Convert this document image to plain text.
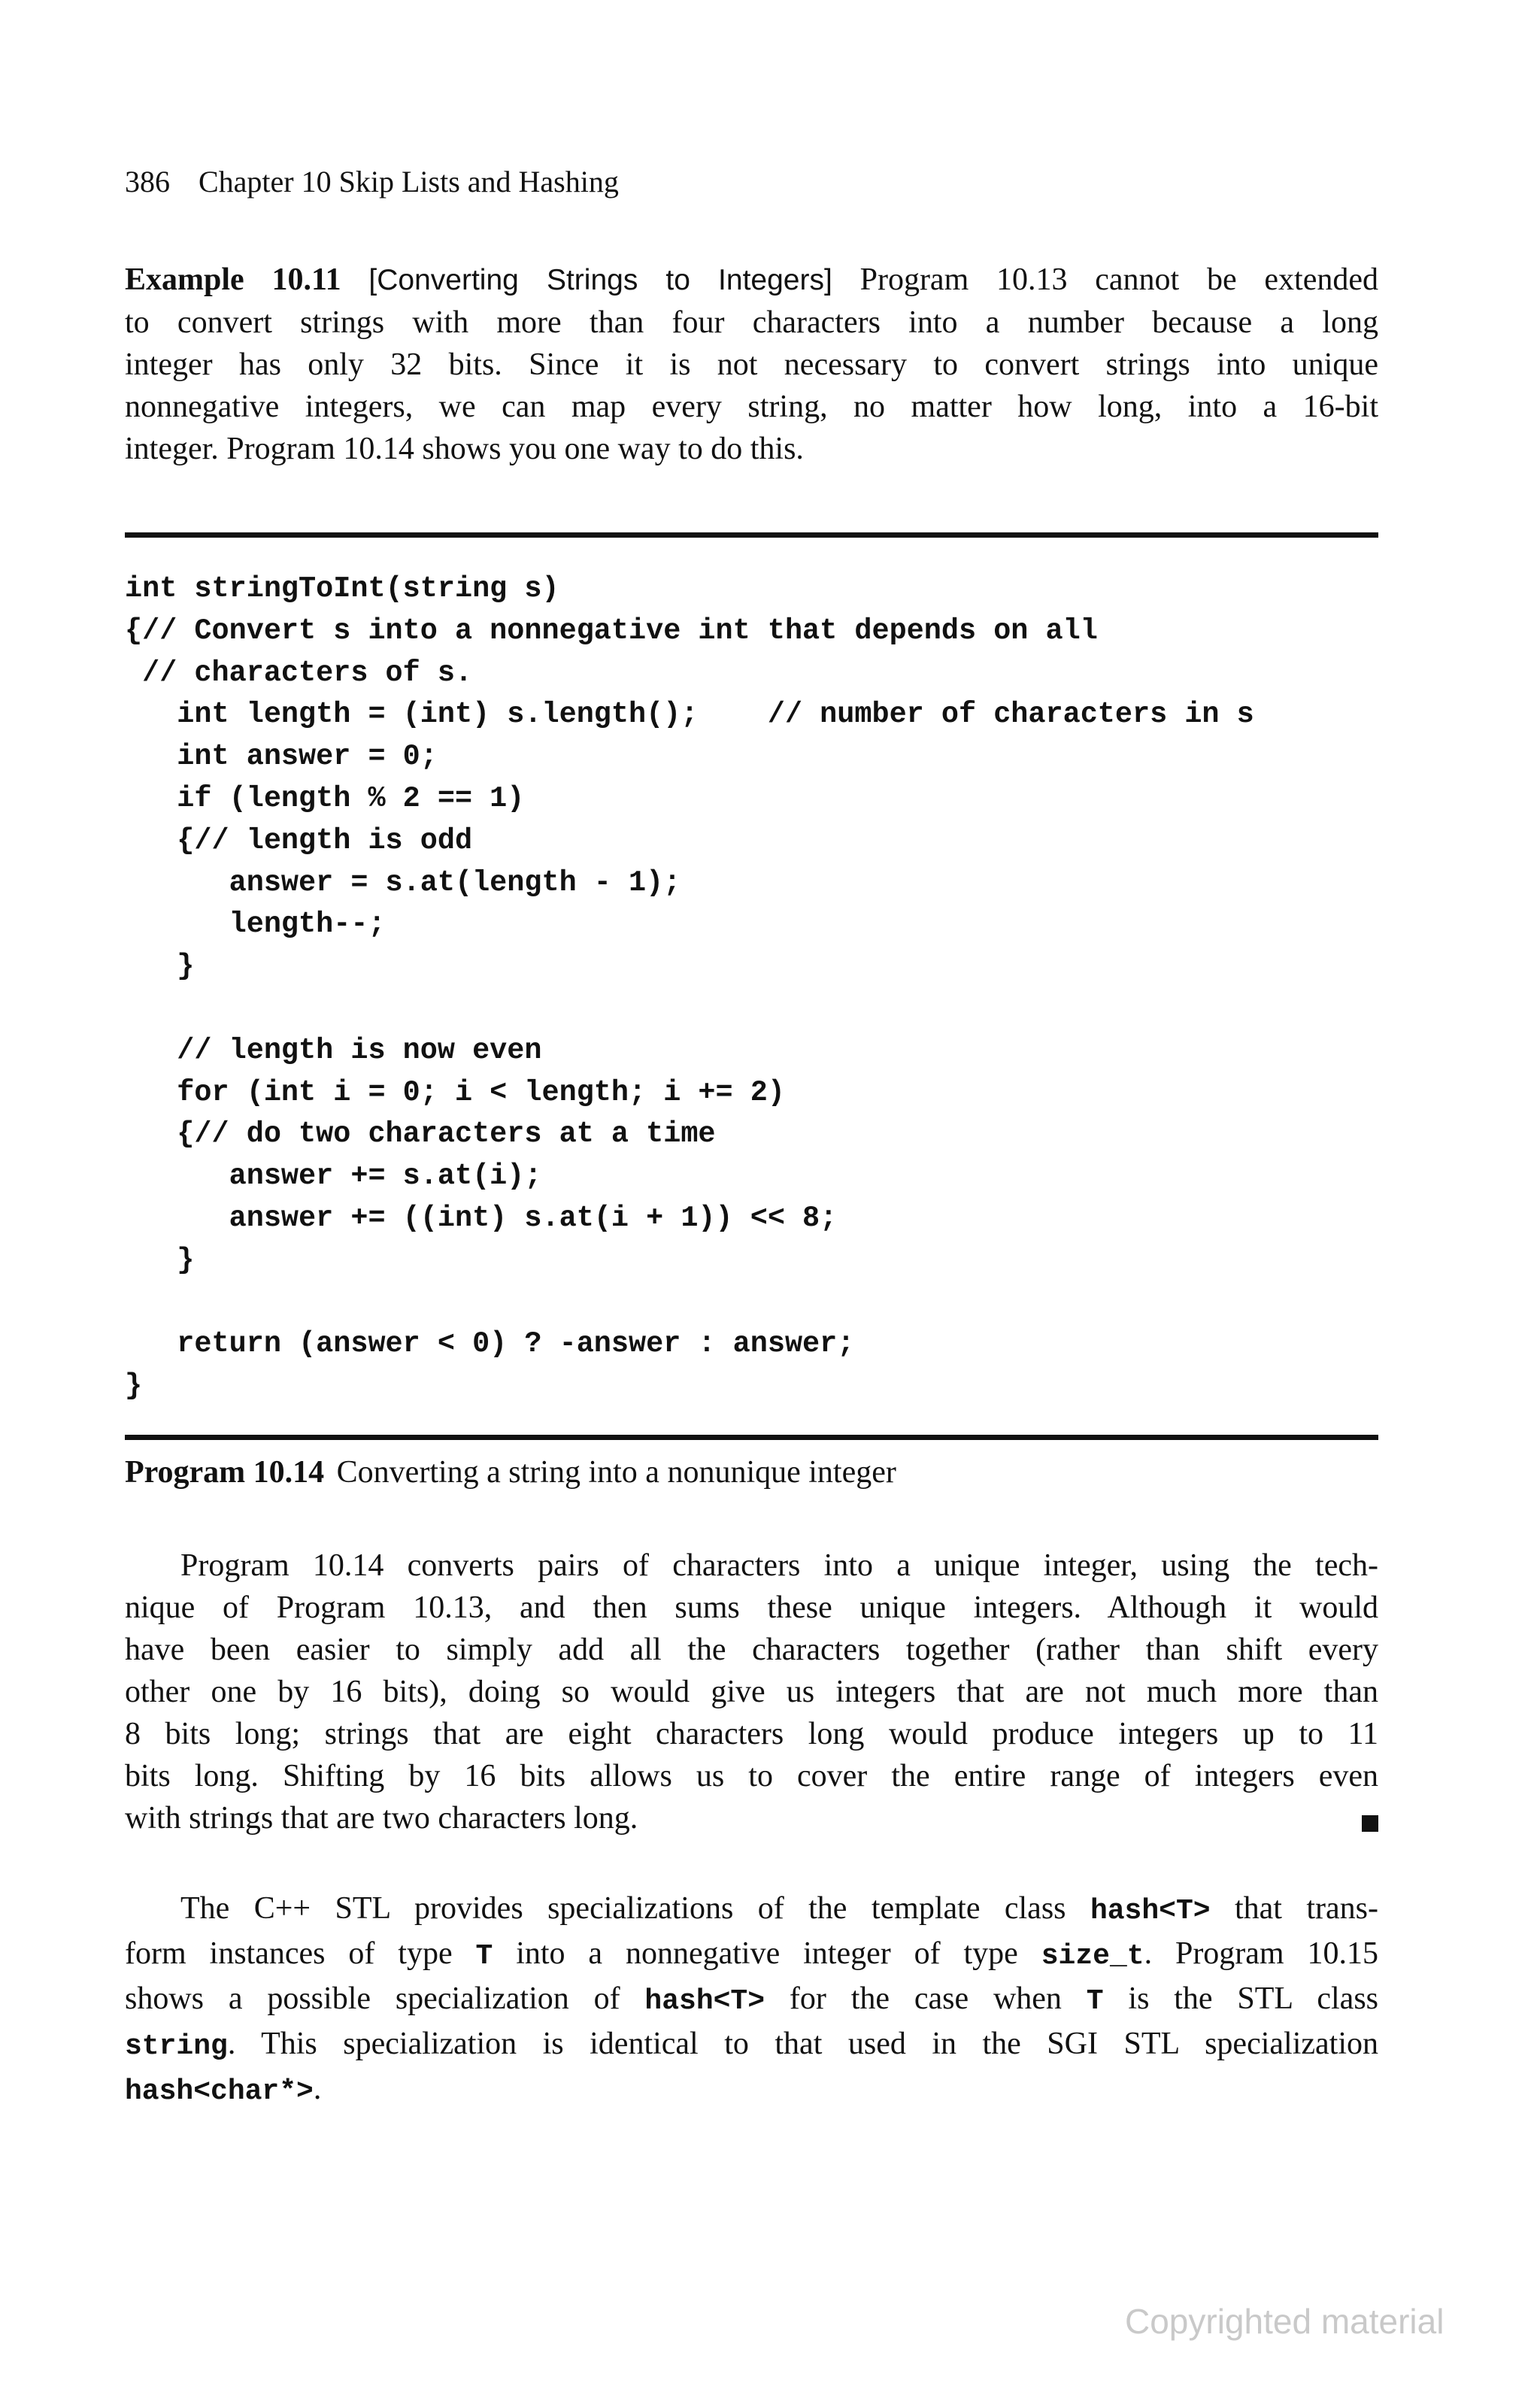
386 Chapter 10 Skip Lists and Hashing
Example 10.11 [Converting Strings to Integers] Program 10.13 cannot be extended
to convert strings with more than four characters into a number because a long
integer has only 32 bits. Since it is not necessary to convert strings into unique
nonnegative integers, we can map every string, no matter how long, into a 16-bit
integer. Program 10.14 shows you one way to do this.
int stringToInt(string s)
{// Convert s into a nonnegative int that depends on all
// characters of s.
int length = (int) s.length();    // number of characters in s
int answer = 0;
if (length % 2 == 1)
{// length is odd
answer = s.at(length - 1);
length--;
}
// length is now even
for (int i = 0; i < length; i += 2)
{// do two characters at a time
answer += s.at(i);
answer += ((int) s.at(i + 1)) << 8;
}
return (answer < 0) ? -answer : answer;
}
Program 10.14 Converting a string into a nonunique integer
Program 10.14 converts pairs of characters into a unique integer, using the tech-
nique of Program 10.13, and then sums these unique integers. Although it would
have been easier to simply add all the characters together (rather than shift every
other one by 16 bits), doing so would give us integers that are not much more than
8 bits long; strings that are eight characters long would produce integers up to 11
bits long. Shifting by 16 bits allows us to cover the entire range of integers even
with strings that are two characters long.
The C++ STL provides specializations of the template class hash<T> that trans-
form instances of type T into a nonnegative integer of type size_t. Program 10.15
shows a possible specialization of hash<T> for the case when T is the STL class
string. This specialization is identical to that used in the SGI STL specialization
hash<char*>.
Copyrighted material
